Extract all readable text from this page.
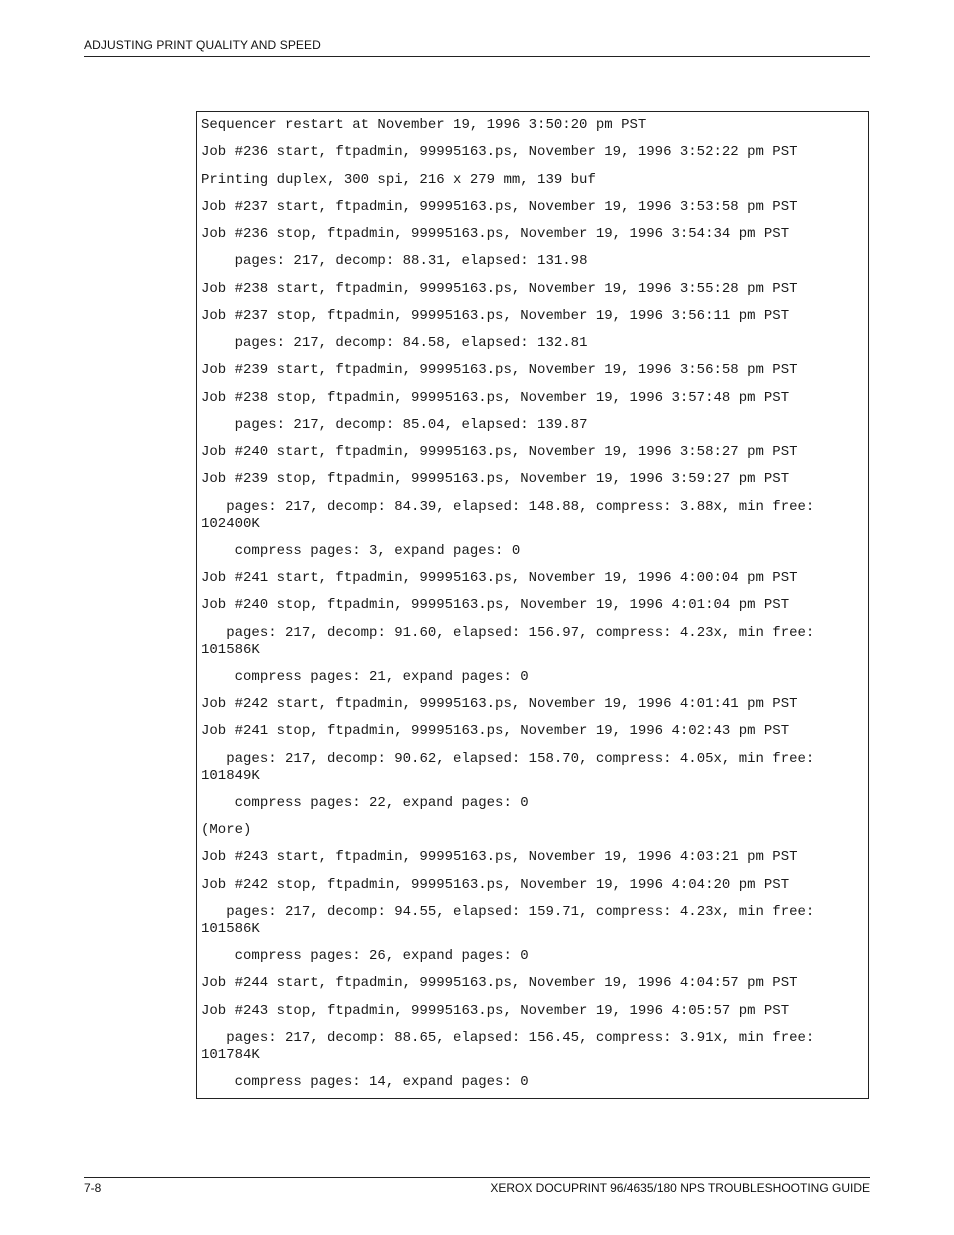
ADJUSTING PRINT QUALITY AND SPEED
Sequencer restart at November 19, 1996 3:50:20 pm PST
Job #236 start, ftpadmin, 99995163.ps, November 19, 1996 3:52:22 pm PST
Printing duplex, 300 spi, 216 x 279 mm, 139 buf
Job #237 start, ftpadmin, 99995163.ps, November 19, 1996 3:53:58 pm PST
Job #236 stop, ftpadmin, 99995163.ps, November 19, 1996 3:54:34 pm PST
pages: 217, decomp: 88.31, elapsed: 131.98
Job #238 start, ftpadmin, 99995163.ps, November 19, 1996 3:55:28 pm PST
Job #237 stop, ftpadmin, 99995163.ps, November 19, 1996 3:56:11 pm PST
pages: 217, decomp: 84.58, elapsed: 132.81
Job #239 start, ftpadmin, 99995163.ps, November 19, 1996 3:56:58 pm PST
Job #238 stop, ftpadmin, 99995163.ps, November 19, 1996 3:57:48 pm PST
pages: 217, decomp: 85.04, elapsed: 139.87
Job #240 start, ftpadmin, 99995163.ps, November 19, 1996 3:58:27 pm PST
Job #239 stop, ftpadmin, 99995163.ps, November 19, 1996 3:59:27 pm PST
pages: 217, decomp: 84.39, elapsed: 148.88, compress: 3.88x, min free: 102400K
compress pages: 3, expand pages: 0
Job #241 start, ftpadmin, 99995163.ps, November 19, 1996 4:00:04 pm PST
Job #240 stop, ftpadmin, 99995163.ps, November 19, 1996 4:01:04 pm PST
pages: 217, decomp: 91.60, elapsed: 156.97, compress: 4.23x, min free: 101586K
compress pages: 21, expand pages: 0
Job #242 start, ftpadmin, 99995163.ps, November 19, 1996 4:01:41 pm PST
Job #241 stop, ftpadmin, 99995163.ps, November 19, 1996 4:02:43 pm PST
pages: 217, decomp: 90.62, elapsed: 158.70, compress: 4.05x, min free: 101849K
compress pages: 22, expand pages: 0
(More)
Job #243 start, ftpadmin, 99995163.ps, November 19, 1996 4:03:21 pm PST
Job #242 stop, ftpadmin, 99995163.ps, November 19, 1996 4:04:20 pm PST
pages: 217, decomp: 94.55, elapsed: 159.71, compress: 4.23x, min free: 101586K
compress pages: 26, expand pages: 0
Job #244 start, ftpadmin, 99995163.ps, November 19, 1996 4:04:57 pm PST
Job #243 stop, ftpadmin, 99995163.ps, November 19, 1996 4:05:57 pm PST
pages: 217, decomp: 88.65, elapsed: 156.45, compress: 3.91x, min free: 101784K
compress pages: 14, expand pages: 0
7-8	XEROX DOCUPRINT 96/4635/180 NPS TROUBLESHOOTING GUIDE
